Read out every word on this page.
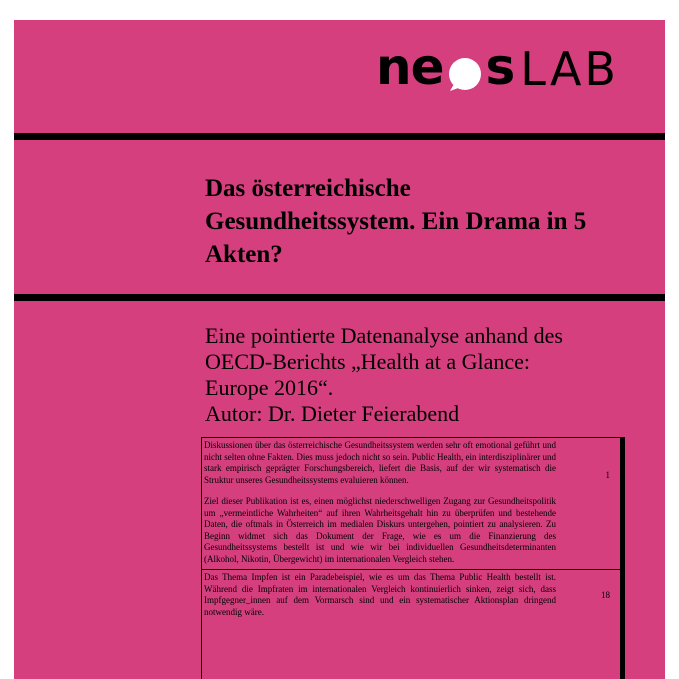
ne s LAB
Das österreichische Gesundheitssystem. Ein Drama in 5 Akten?
Eine pointierte Datenanalyse anhand des
OECD-Berichts „Health at a Glance:
Europe 2016“.
Autor: Dr. Dieter Feierabend

Diskussionen über das österreichische Gesundheitssystem werden sehr oft emotional geführt und nicht selten ohne Fakten. Dies muss jedoch nicht so sein. Public Health, ein interdisziplinärer und stark empirisch geprägter Forschungsbereich, liefert die Basis, auf der wir systematisch die Struktur unseres Gesundheitssystems evaluieren können.

Ziel dieser Publikation ist es, einen möglichst niederschwelligen Zugang zur Gesundheitspolitik um „vermeintliche Wahrheiten“ auf ihren Wahrheitsgehalt hin zu überprüfen und bestehende Daten, die oftmals in Österreich im medialen Diskurs untergehen, pointiert zu analysieren. Zu Beginn widmet sich das Dokument der Frage, wie es um die Finanzierung des Gesundheitssystems bestellt ist und wie wir bei individuellen Gesundheitsdeterminanten (Alkohol, Nikotin, Übergewicht) im internationalen Vergleich stehen.

1

Das Thema Impfen ist ein Paradebeispiel, wie es um das Thema Public Health bestellt ist. Während die Impfraten im internationalen Vergleich kontinuierlich sinken, zeigt sich, dass Impfgegner_innen auf dem Vormarsch sind und ein systematischer Aktionsplan dringend notwendig wäre.

18
